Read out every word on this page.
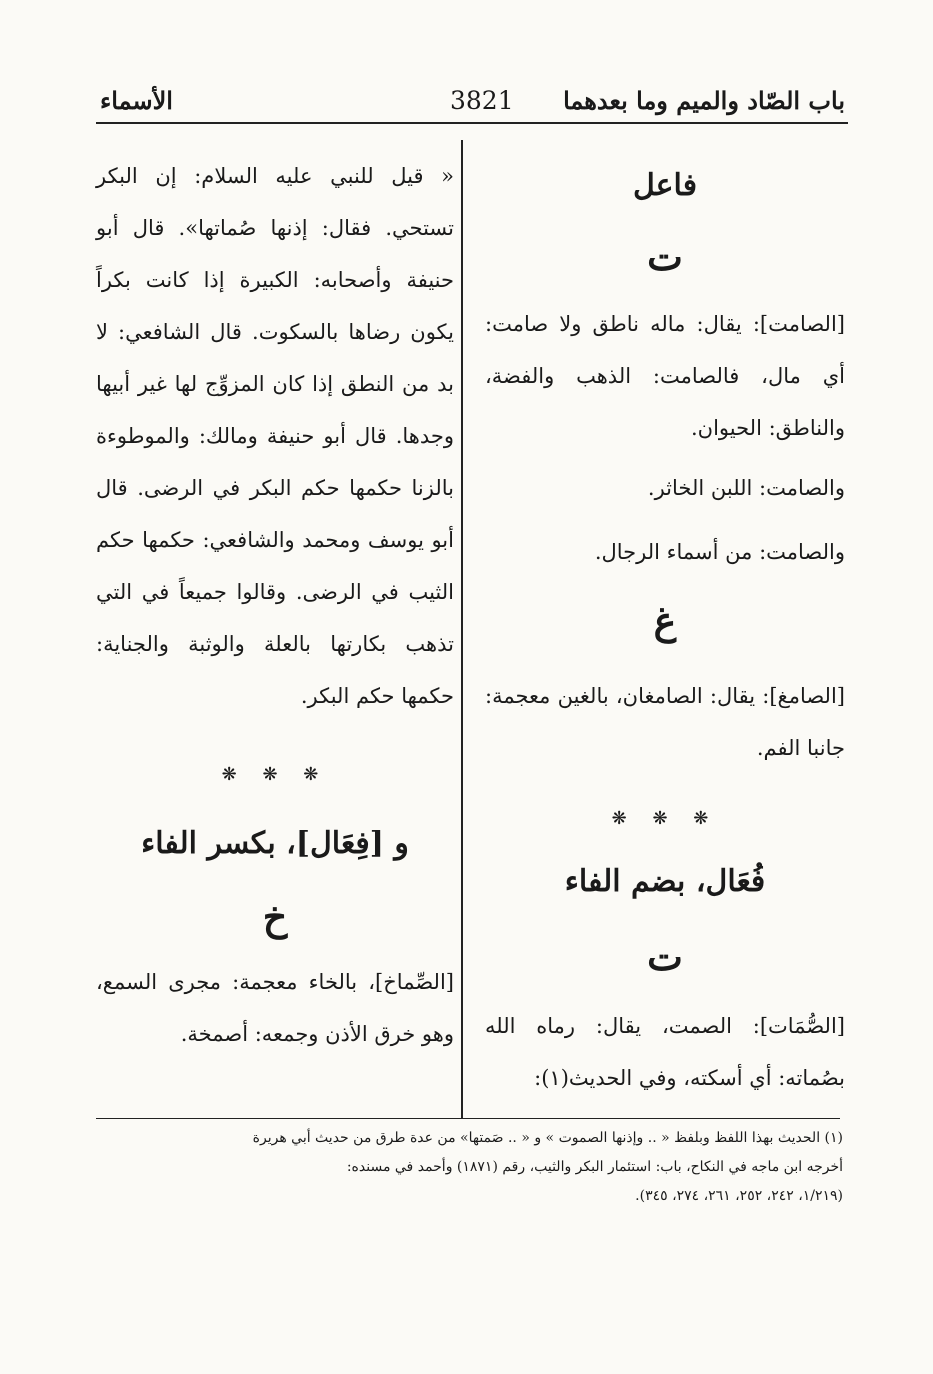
باب الصّاد والميم وما بعدهما
3821
الأسماء
فاعل
ت

[الصامت]: يقال: ماله ناطق ولا صامت: أي مال، فالصامت: الذهب والفضة، والناطق: الحيوان.

والصامت: اللبن الخاثر.

والصامت: من أسماء الرجال.

غ

[الصامغ]: يقال: الصامغان، بالغين معجمة: جانبا الفم.

❋ ❋ ❋
فُعَال، بضم الفاء
ت

[الصُّمَات]: الصمت، يقال: رماه الله بصُماته: أي أسكته، وفي الحديث(١):

« قيل للنبي عليه السلام: إن البكر تستحي. فقال: إذنها صُماتها». قال أبو حنيفة وأصحابه: الكبيرة إذا كانت بكراً يكون رضاها بالسكوت. قال الشافعي: لا بد من النطق إذا كان المزوِّج لها غير أبيها وجدها. قال أبو حنيفة ومالك: والموطوءة بالزنا حكمها حكم البكر في الرضى. قال أبو يوسف ومحمد والشافعي: حكمها حكم الثيب في الرضى. وقالوا جميعاً في التي تذهب بكارتها بالعلة والوثبة والجناية: حكمها حكم البكر.

❋ ❋ ❋
و [فِعَال]، بكسر الفاء
خ

[الصِّماخ]، بالخاء معجمة: مجرى السمع، وهو خرق الأذن وجمعه: أصمخة.

(١) الحديث بهذا اللفظ وبلفظ « .. وإذنها الصموت » و « .. صَمتها» من عدة طرق من حديث أبي هريرة

أخرجه ابن ماجه في النكاح، باب: استئمار البكر والثيب، رقم (١٨٧١) وأحمد في مسنده:

(١/٢١٩، ٢٤٢، ٢٥٢، ٢٦١، ٢٧٤، ٣٤٥).
